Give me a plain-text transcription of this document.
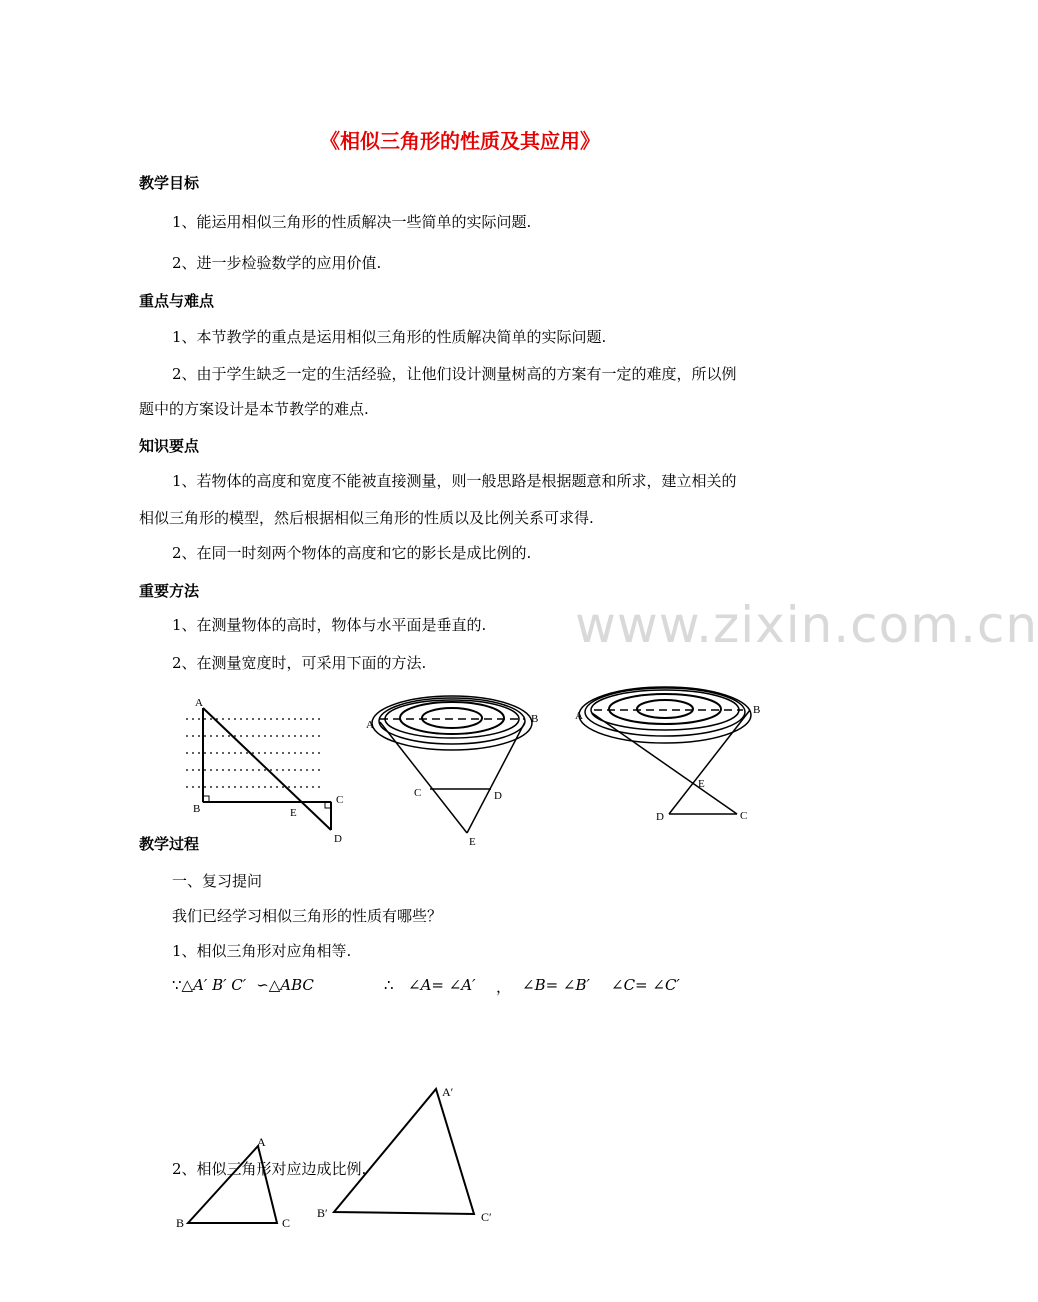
《相似三角形的性质及其应用》
www.zixin.com.cn
教学目标
1、能运用相似三角形的性质解决一些简单的实际问题.
2、进一步检验数学的应用价值.
重点与难点
1、本节教学的重点是运用相似三角形的性质解决简单的实际问题.
2、由于学生缺乏一定的生活经验，让他们设计测量树高的方案有一定的难度，所以例
题中的方案设计是本节教学的难点.
知识要点
1、若物体的高度和宽度不能被直接测量，则一般思路是根据题意和所求，建立相关的
相似三角形的模型，然后根据相似三角形的性质以及比例关系可求得.
2、在同一时刻两个物体的高度和它的影长是成比例的.
重要方法
1、在测量物体的高时，物体与水平面是垂直的.
2、在测量宽度时，可采用下面的方法.
A
B	E
C
D
A	B
C	D
E
A	B
E
D	C
教学过程
一、复习提问
我们已经学习相似三角形的性质有哪些？
1、相似三角形对应角相等.
∵△A′ B′ C′ ∽△ABC	∴ ∠A= ∠A′ ， ∠B= ∠B′ ∠C= ∠C′
A
B	C
A′
B′	C′
2、相似三角形对应边成比例.
